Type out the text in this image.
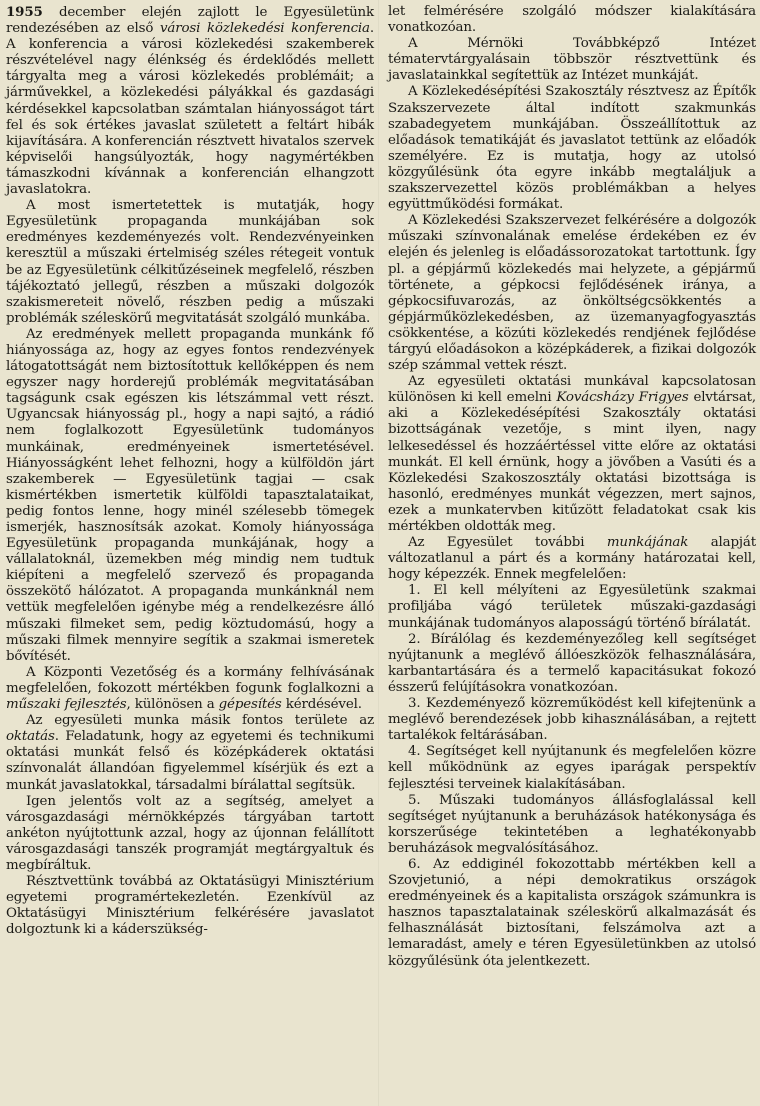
1955 december elején zajlott le Egyesületünk rendezésében az első városi közlekedési konferencia. A konferencia a városi közlekedési szakemberek részvételével nagy élénkség és érdeklődés mellett tárgyalta meg a városi közlekedés problémáit; a járművekkel, a közlekedési pályákkal és gazdasági kérdésekkel kapcsolatban számtalan hiányosságot tárt fel és sok értékes javaslat született a feltárt hibák kijavítására. A konferencián résztvett hivatalos szervek képviselői hangsúlyozták, hogy nagymértékben támaszkodni kívánnak a konferencián elhangzott javaslatokra.

A most ismertetettek is mutatják, hogy Egyesületünk propaganda munkájában sok eredményes kezdeményezés volt. Rendezvényeinken keresztül a műszaki értelmiség széles rétegeit vontuk be az Egyesületünk célkitűzéseinek megfelelő, részben tájékoztató jellegű, részben a műszaki dolgozók szakismereteit növelő, részben pedig a műszaki problémák széleskörű megvitatását szolgáló munkába.

Az eredmények mellett propaganda munkánk fő hiányossága az, hogy az egyes fontos rendezvények látogatottságát nem biztosítottuk kellőképpen és nem egyszer nagy horderejű problémák megvitatásában tagságunk csak egészen kis létszámmal vett részt. Ugyancsak hiányosság pl., hogy a napi sajtó, a rádió nem foglalkozott Egyesületünk tudományos munkáinak, eredményeinek ismertetésével. Hiányosságként lehet felhozni, hogy a külföldön járt szakemberek — Egyesületünk tagjai — csak kismértékben ismertetik külföldi tapasztalataikat, pedig fontos lenne, hogy minél szélesebb tömegek ismerjék, hasznosítsák azokat. Komoly hiányossága Egyesületünk propaganda munkájának, hogy a vállalatoknál, üzemekben még mindig nem tudtuk kiépíteni a megfelelő szervező és propaganda összekötő hálózatot. A propaganda munkánknál nem vettük megfelelően igénybe még a rendelkezésre álló műszaki filmeket sem, pedig köztudomású, hogy a műszaki filmek mennyire segítik a szakmai ismeretek bővítését.

A Központi Vezetőség és a kormány felhívásának megfelelően, fokozott mértékben fogunk foglalkozni a műszaki fejlesztés, különösen a gépesítés kérdésével.

Az egyesületi munka másik fontos területe az oktatás. Feladatunk, hogy az egyetemi és technikumi oktatási munkát felső és középkáderek oktatási színvonalát állandóan figyelemmel kísérjük és ezt a munkát javaslatokkal, társadalmi bírálattal segítsük.

Igen jelentős volt az a segítség, amelyet a városgazdasági mérnökképzés tárgyában tartott ankéton nyújtottunk azzal, hogy az újonnan felállított városgazdasági tanszék programját megtárgyaltuk és megbíráltuk.

Résztvettünk továbbá az Oktatásügyi Minisztérium egyetemi programértekezletén. Ezenkívül az Oktatásügyi Minisztérium felkérésére javaslatot dolgoztunk ki a káderszükség-

let felmérésére szolgáló módszer kialakítására vonatkozóan.

A Mérnöki Továbbképző Intézet tématervtárgyalásain többször résztvettünk és javaslatainkkal segítettük az Intézet munkáját.

A Közlekedésépítési Szakosztály résztvesz az Építők Szakszervezete által indított szakmunkás szabadegyetem munkájában. Összeállítottuk az előadások tematikáját és javaslatot tettünk az előadók személyére. Ez is mutatja, hogy az utolsó közgyűlésünk óta egyre inkább megtaláljuk a szakszervezettel közös problémákban a helyes együttműködési formákat.

A Közlekedési Szakszervezet felkérésére a dolgozók műszaki színvonalának emelése érdekében ez év elején és jelenleg is előadássorozatokat tartottunk. Így pl. a gépjármű közlekedés mai helyzete, a gépjármű története, a gépkocsi fejlődésének iránya, a gépkocsifuvarozás, az önköltségcsökkentés a gépjárműközlekedésben, az üzemanyagfogyasztás csökkentése, a közúti közlekedés rendjének fejlődése tárgyú előadásokon a középkáderek, a fizikai dolgozók szép számmal vettek részt.

Az egyesületi oktatási munkával kapcsolatosan különösen ki kell emelni Kovácsházy Frigyes elvtársat, aki a Közlekedésépítési Szakosztály oktatási bizottságának vezetője, s mint ilyen, nagy lelkesedéssel és hozzáértéssel vitte előre az oktatási munkát. El kell érnünk, hogy a jövőben a Vasúti és a Közlekedési Szakoszosztály oktatási bizottsága is hasonló, eredményes munkát végezzen, mert sajnos, ezek a munkatervben kitűzött feladatokat csak kis mértékben oldották meg.

Az Egyesület további munkájának alapját változatlanul a párt és a kormány határozatai kell, hogy képezzék. Ennek megfelelően:

1. El kell mélyíteni az Egyesületünk szakmai profiljába vágó területek műszaki-gazdasági munkájának tudományos alaposságú történő bírálatát.

2. Bírálólag és kezdeményezőleg kell segítséget nyújtanunk a meglévő állóeszközök felhasználására, karbantartására és a termelő kapacitásukat fokozó ésszerű felújításokra vonatkozóan.

3. Kezdeményező közreműködést kell kifejtenünk a meglévő berendezések jobb kihasználásában, a rejtett tartalékok feltárásában.

4. Segítséget kell nyújtanunk és megfelelően közre kell működnünk az egyes iparágak perspektív fejlesztési terveinek kialakításában.

5. Műszaki tudományos állásfoglalással kell segítséget nyújtanunk a beruházások hatékonysága és korszerűsége tekintetében a leghatékonyabb beruházások megvalósításához.

6. Az eddiginél fokozottabb mértékben kell a Szovjetunió, a népi demokratikus országok eredményeinek és a kapitalista országok számunkra is hasznos tapasztalatainak széleskörű alkalmazását és felhasználását biztosítani, felszámolva azt a lemaradást, amely e téren Egyesületünkben az utolsó közgyűlésünk óta jelentkezett.
